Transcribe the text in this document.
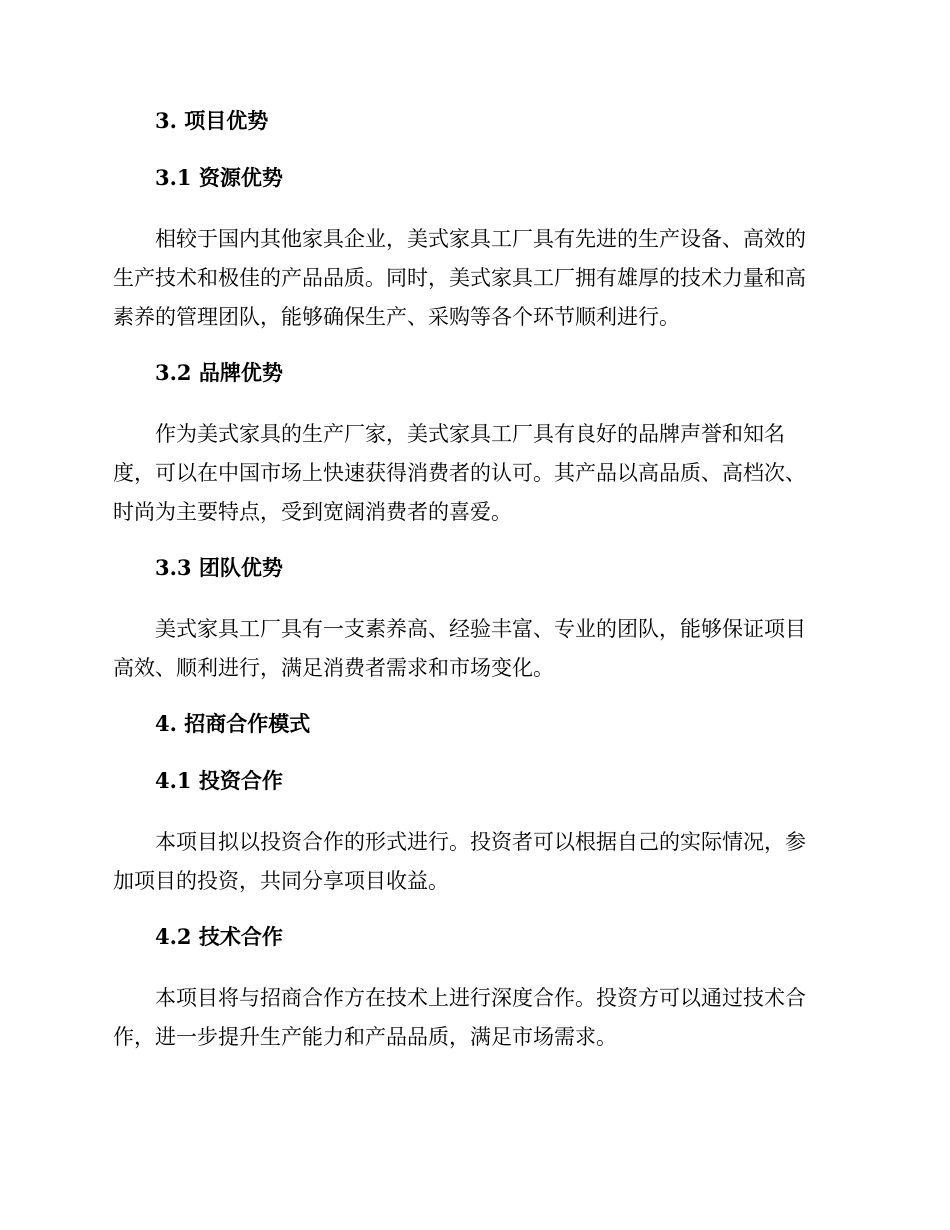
3. 项目优势
3.1 资源优势
相较于国内其他家具企业，美式家具工厂具有先进的生产设备、高效的
生产技术和极佳的产品品质。同时，美式家具工厂拥有雄厚的技术力量和高
素养的管理团队，能够确保生产、采购等各个环节顺利进行。
3.2 品牌优势
作为美式家具的生产厂家，美式家具工厂具有良好的品牌声誉和知名
度，可以在中国市场上快速获得消费者的认可。其产品以高品质、高档次、
时尚为主要特点，受到宽阔消费者的喜爱。
3.3 团队优势
美式家具工厂具有一支素养高、经验丰富、专业的团队，能够保证项目
高效、顺利进行，满足消费者需求和市场变化。
4. 招商合作模式
4.1 投资合作
本项目拟以投资合作的形式进行。投资者可以根据自己的实际情况，参
加项目的投资，共同分享项目收益。
4.2 技术合作
本项目将与招商合作方在技术上进行深度合作。投资方可以通过技术合
作，进一步提升生产能力和产品品质，满足市场需求。
